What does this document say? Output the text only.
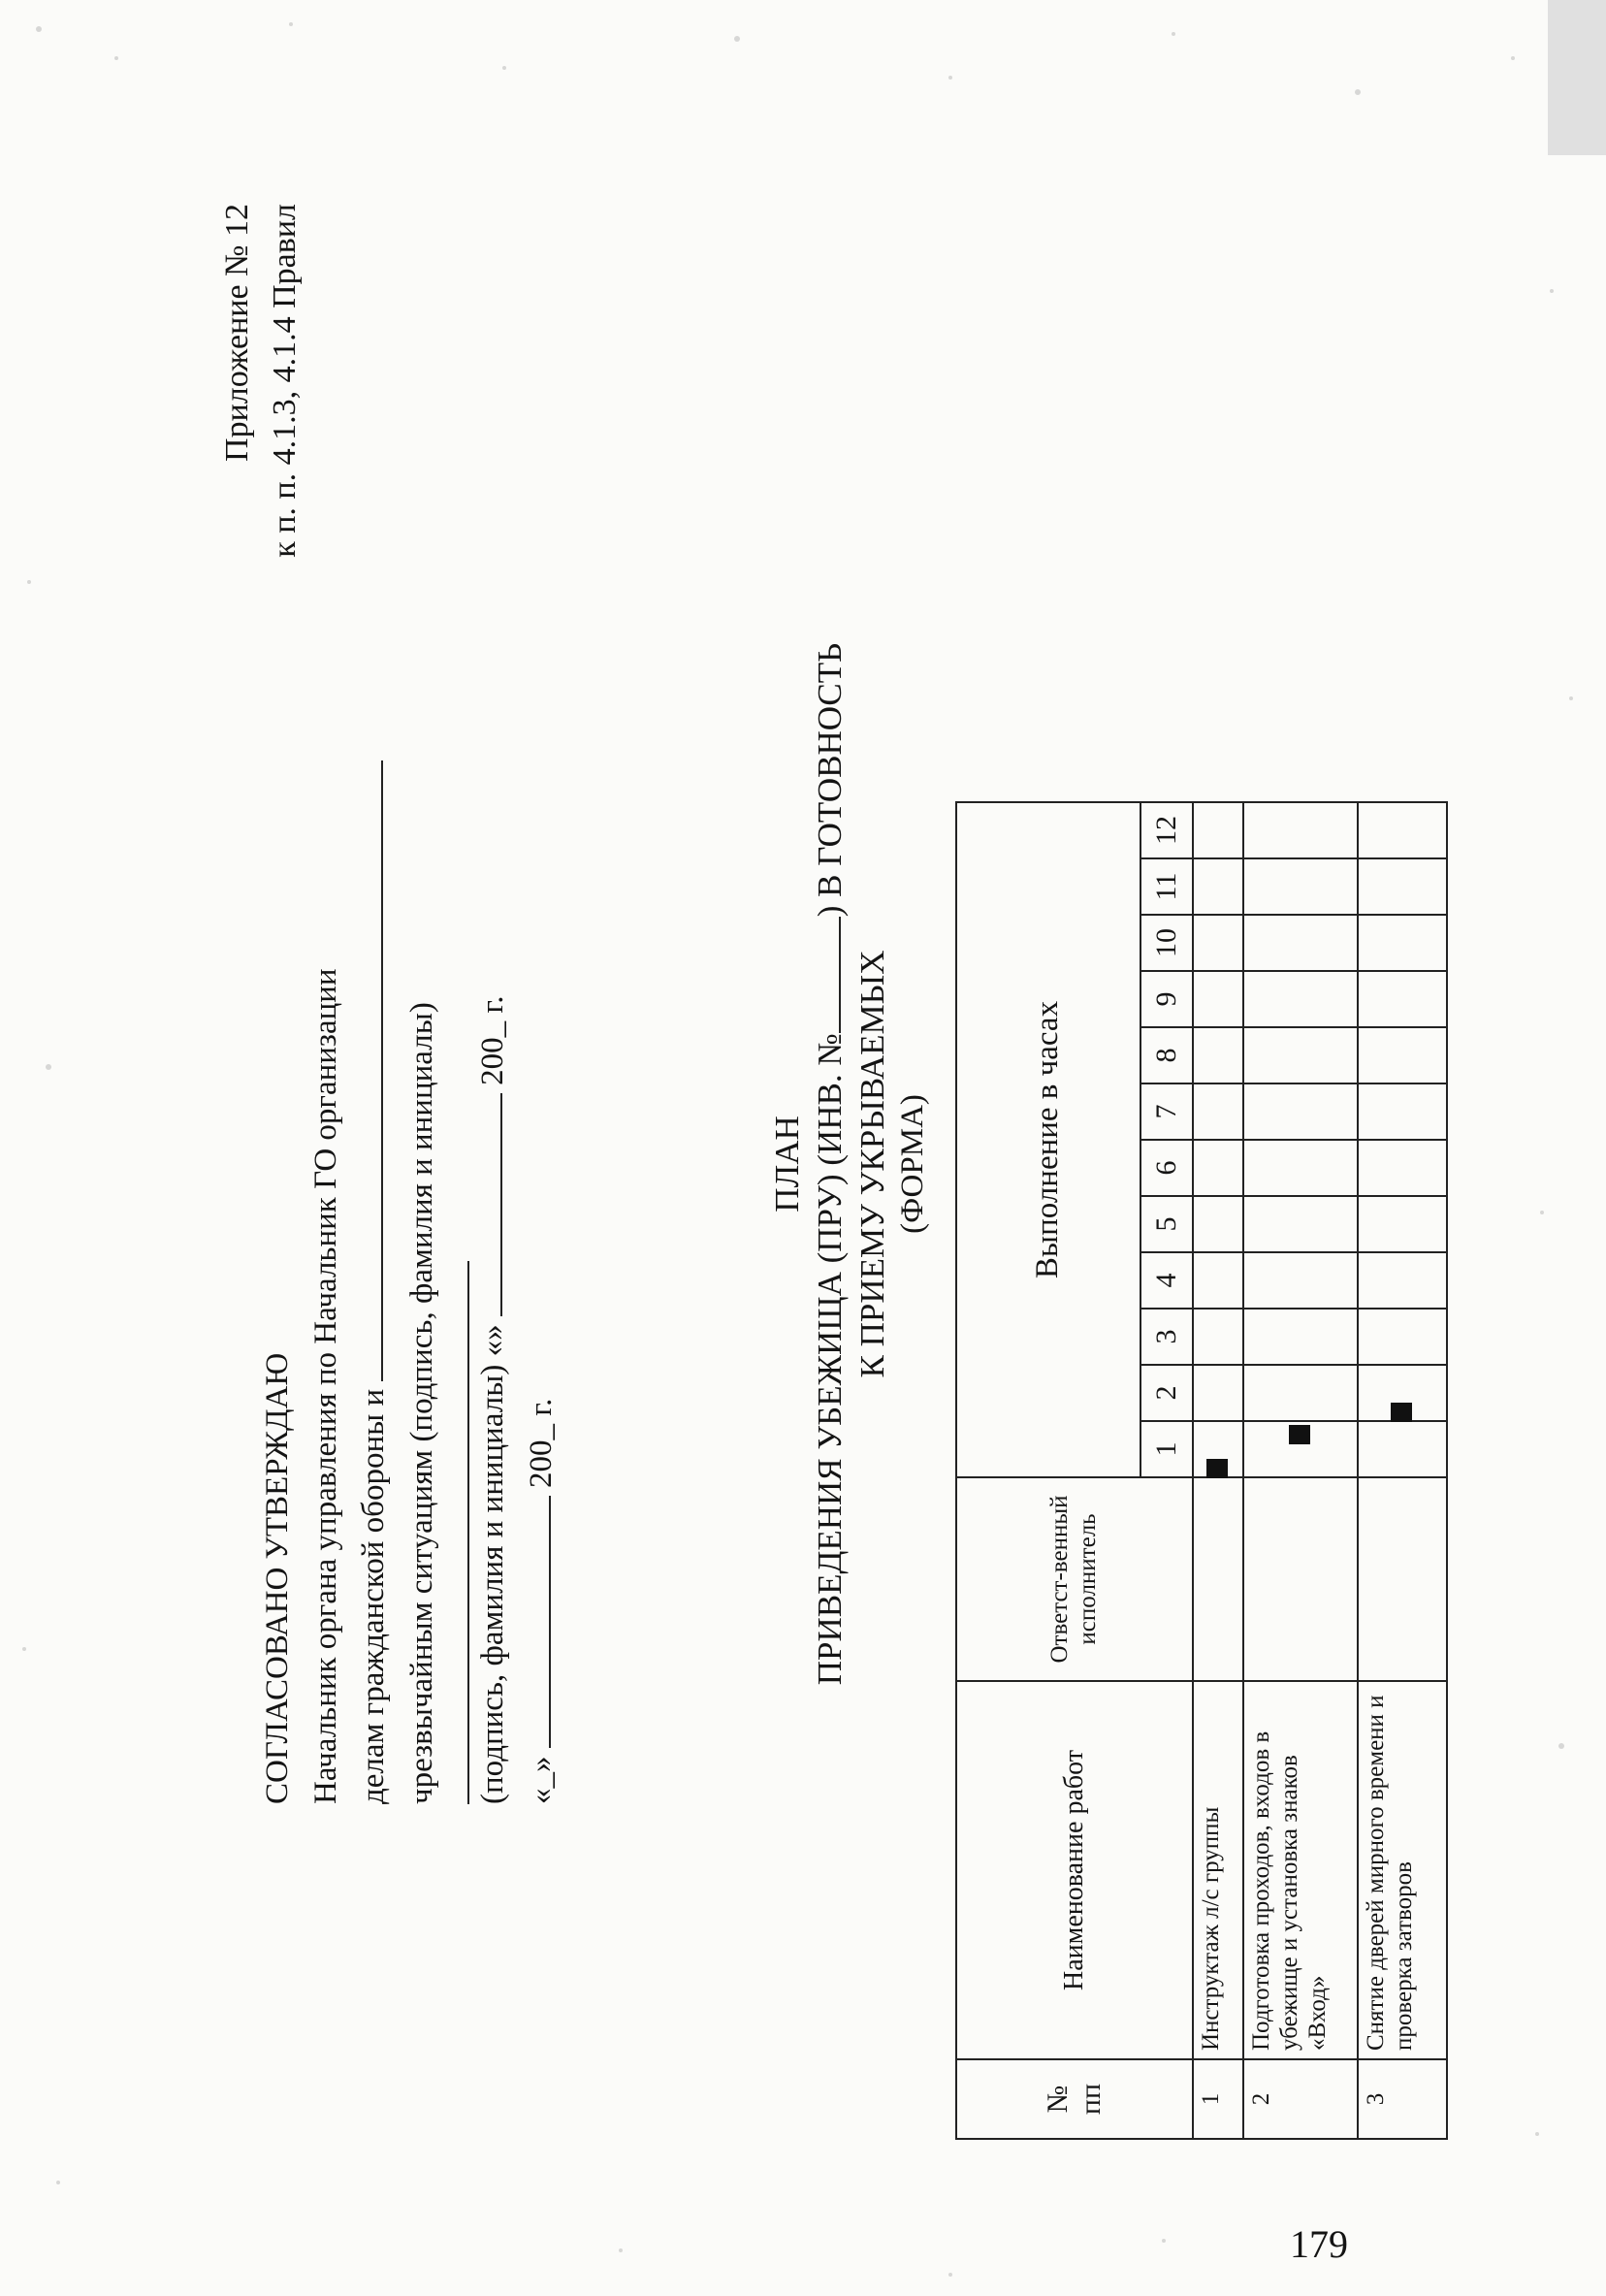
Приложение № 12 к п. п. 4.1.3, 4.1.4 Правил
СОГЛАСОВАНО УТВЕРЖДАЮ Начальник органа управления по Начальник ГО организации делам гражданской обороны и чрезвычайным ситуациям (подпись, фамилия и инициалы) (подпись, фамилия и инициалы) «»  200_ г.
«_»  200_ г.
ПЛАН ПРИВЕДЕНИЯ УБЕЖИЩА (ПРУ) (ИНВ. №) В ГОТОВНОСТЬ
К ПРИЕМУ УКРЫВАЕМЫХ (ФОРМА)
№ пп	Наименование работ	Ответст-венный исполнитель	Выполнение в часах											
			1	2	3	4	5	6	7	8	9	10	11	12
1	Инструктаж л/с группы													
2	Подготовка проходов, входов в убежище и установка знаков «Вход»													
3	Снятие дверей мирного времени и проверка затворов													
179
